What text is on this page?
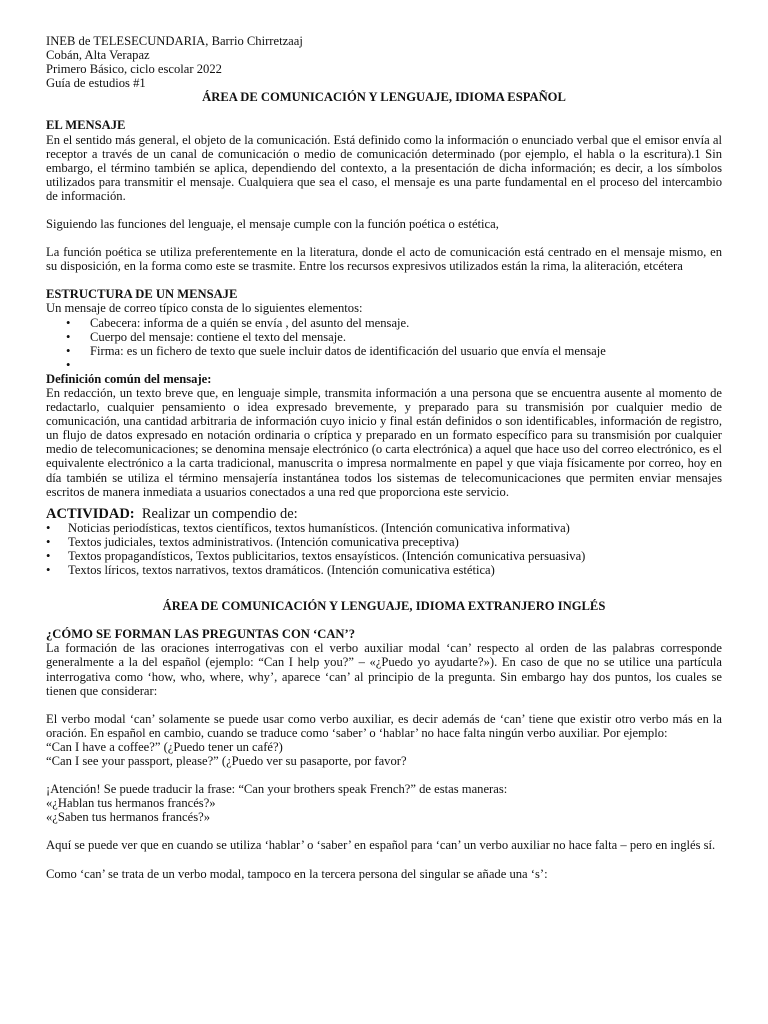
INEB de TELESECUNDARIA, Barrio Chirretzaaj
Cobán, Alta Verapaz
Primero Básico, ciclo escolar 2022
Guía de estudios #1
ÁREA DE COMUNICACIÓN Y LENGUAJE, IDIOMA ESPAÑOL
EL MENSAJE

En el sentido más general, el objeto de la comunicación. Está definido como la información o enunciado verbal que el emisor envía al receptor a través de un canal de comunicación o medio de comunicación determinado (por ejemplo, el habla o la escritura).1 Sin embargo, el término también se aplica, dependiendo del contexto, a la presentación de dicha información; es decir, a los símbolos utilizados para transmitir el mensaje. Cualquiera que sea el caso, el mensaje es una parte fundamental en el proceso del intercambio de información.

Siguiendo las funciones del lenguaje, el mensaje cumple con la función poética o estética,

La función poética se utiliza preferentemente en la literatura, donde el acto de comunicación está centrado en el mensaje mismo, en su disposición, en la forma como este se trasmite. Entre los recursos expresivos utilizados están la rima, la aliteración, etcétera

ESTRUCTURA DE UN MENSAJE

Un mensaje de correo típico consta de lo siguientes elementos:

• Cabecera: informa de a quién se envía , del asunto del mensaje.
• Cuerpo del mensaje: contiene el texto del mensaje.
• Firma: es un fichero de texto que suele incluir datos de identificación del usuario que envía el mensaje
•

Definición común del mensaje:

En redacción, un texto breve que, en lenguaje simple, transmita información a una persona que se encuentra ausente al momento de redactarlo, cualquier pensamiento o idea expresado brevemente, y preparado para su transmisión por cualquier medio de comunicación, una cantidad arbitraria de información cuyo inicio y final están definidos o son identificables, información de registro, un flujo de datos expresado en notación ordinaria o críptica y preparado en un formato específico para su transmisión por cualquier medio de telecomunicaciones; se denomina mensaje electrónico (o carta electrónica) a aquel que hace uso del correo electrónico, es el equivalente electrónico a la carta tradicional, manuscrita o impresa normalmente en papel y que viaja físicamente por correo, hoy en día también se utiliza el término mensajería instantánea todos los sistemas de telecomunicaciones que permiten enviar mensajes escritos de manera inmediata a usuarios conectados a una red que proporciona este servicio.

ACTIVIDAD: Realizar un compendio de:
• Noticias periodísticas, textos científicos, textos humanísticos. (Intención comunicativa informativa)
• Textos judiciales, textos administrativos. (Intención comunicativa preceptiva)
• Textos propagandísticos, Textos publicitarios, textos ensayísticos. (Intención comunicativa persuasiva)
• Textos líricos, textos narrativos, textos dramáticos. (Intención comunicativa estética)
ÁREA DE COMUNICACIÓN Y LENGUAJE, IDIOMA EXTRANJERO INGLÉS
¿CÓMO SE FORMAN LAS PREGUNTAS CON ‘CAN’?

La formación de las oraciones interrogativas con el verbo auxiliar modal ‘can’ respecto al orden de las palabras corresponde generalmente a la del español (ejemplo: “Can I help you?” – «¿Puedo yo ayudarte?»). En caso de que no se utilice una partícula interrogativa como ‘how, who, where, why’, aparece ‘can’ al principio de la pregunta. Sin embargo hay dos puntos, los cuales se tienen que considerar:

El verbo modal ‘can’ solamente se puede usar como verbo auxiliar, es decir además de ‘can’ tiene que existir otro verbo más en la oración. En español en cambio, cuando se traduce como ‘saber’ o ‘hablar’ no hace falta ningún verbo auxiliar. Por ejemplo:

“Can I have a coffee?” (¿Puedo tener un café?)

“Can I see your passport, please?” (¿Puedo ver su pasaporte, por favor?

¡Atención! Se puede traducir la frase: “Can your brothers speak French?” de estas maneras:

«¿Hablan tus hermanos francés?»

«¿Saben tus hermanos francés?»

Aquí se puede ver que en cuando se utiliza ‘hablar’ o ‘saber’ en español para ‘can’ un verbo auxiliar no hace falta – pero en inglés sí.

Como ‘can’ se trata de un verbo modal, tampoco en la tercera persona del singular se añade una ‘s’:
